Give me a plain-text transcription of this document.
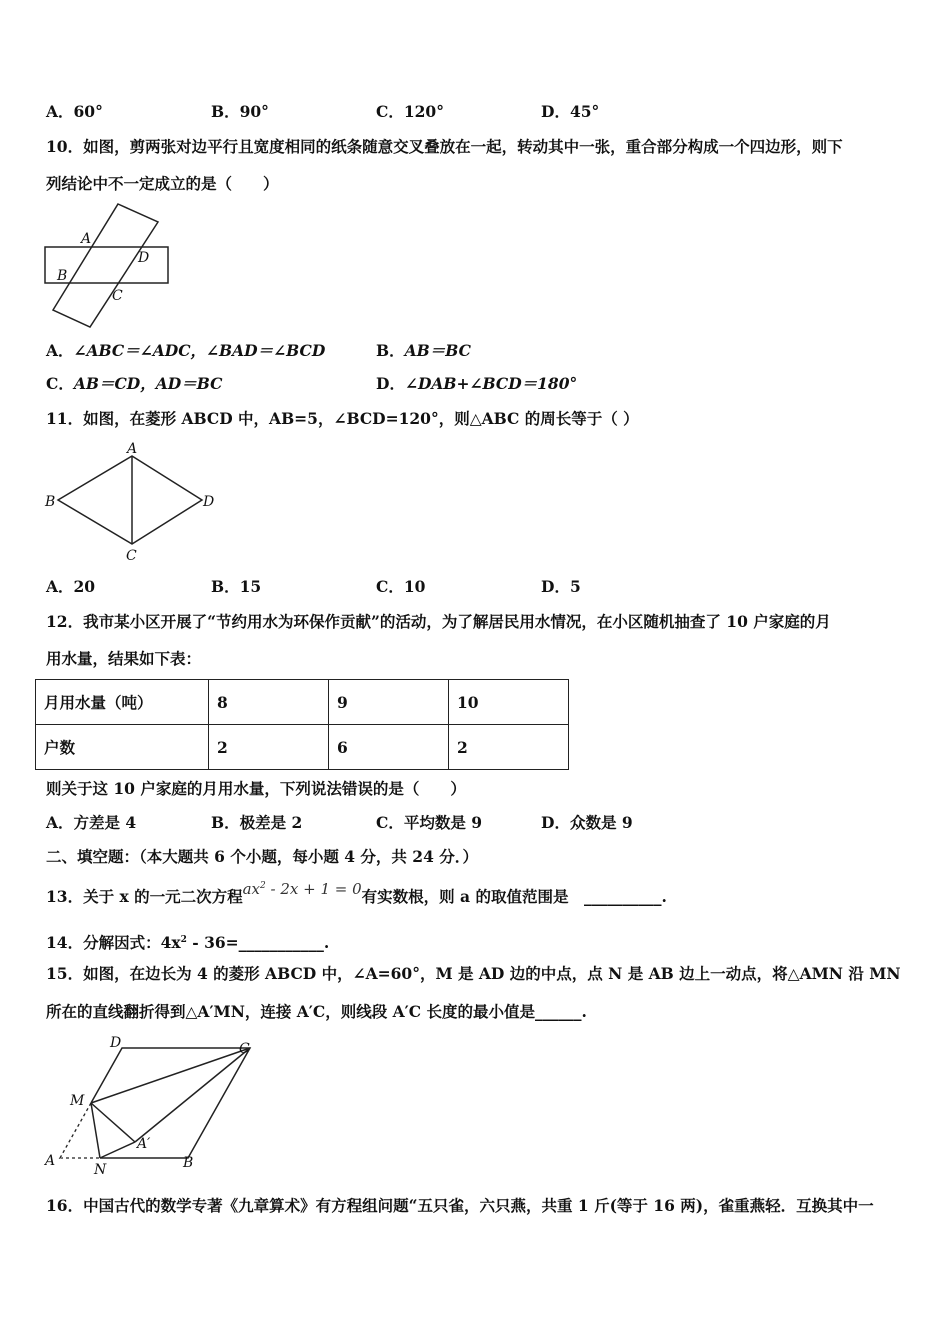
A．60°	B．90°	C．120°	D．45°
10．如图，剪两张对边平行且宽度相同的纸条随意交叉叠放在一起，转动其中一张，重合部分构成一个四边形，则下
列结论中不一定成立的是（　　）
A
D
B
C
A．∠ABC＝∠ADC，∠BAD＝∠BCD	B．AB＝BC
C．AB＝CD，AD＝BC	D．∠DAB+∠BCD＝180°
11．如图，在菱形 ABCD 中，AB=5，∠BCD=120°，则△ABC 的周长等于（ ）
A
B	D
C
A．20	B．15	C．10	D．5
12．我市某小区开展了“节约用水为环保作贡献”的活动，为了解居民用水情况，在小区随机抽查了 10 户家庭的月
用水量，结果如下表：
月用水量（吨）	8	9	10
户数	2	6	2
则关于这 10 户家庭的月用水量，下列说法错误的是（　　）
A．方差是 4	B．极差是 2	C．平均数是 9	D．众数是 9
二、填空题：（本大题共 6 个小题，每小题 4 分，共 24 分．）
13．关于 x 的一元二次方程$ax^2 - 2x + 1 = 0$有实数根，则 a 的取值范围是　__________.
14．分解因式：$4x^2$ - 36=___________.
15．如图，在边长为 4 的菱形 ABCD 中，∠A=60°，M 是 AD 边的中点，点 N 是 AB 边上一动点，将△AMN 沿 MN
所在的直线翻折得到△A′MN，连接 A′C，则线段 A′C 长度的最小值是______.
D	C
M
A′
A
N	B
16．中国古代的数学专著《九章算术》有方程组问题“五只雀，六只燕，共重 1 斤(等于 16 两)，雀重燕轻．互换其中一
